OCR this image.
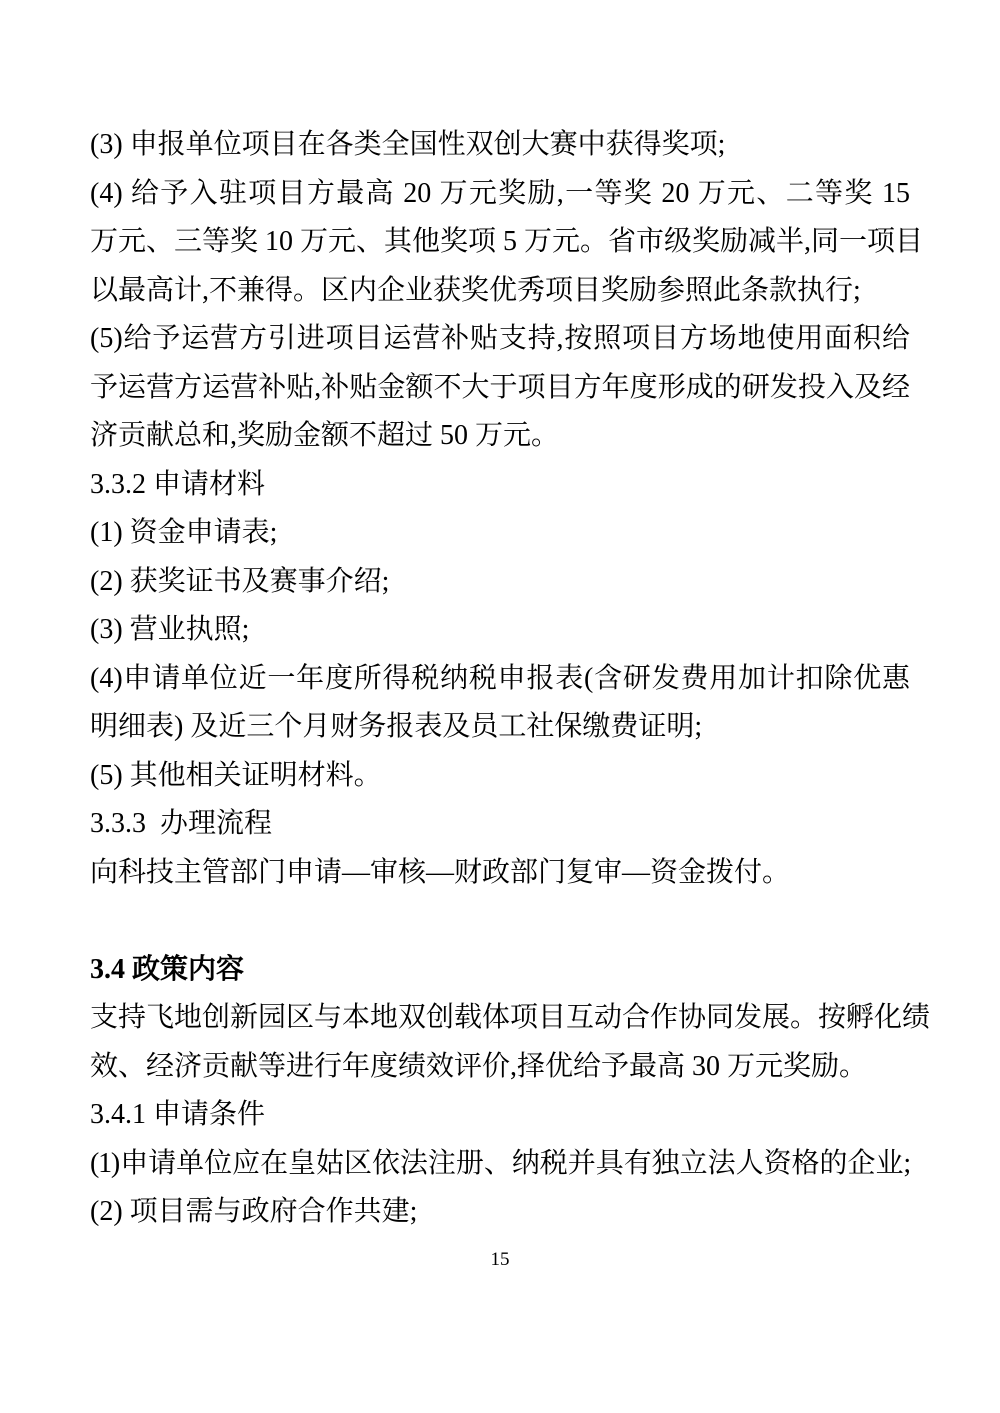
(3) 申报单位项目在各类全国性双创大赛中获得奖项;
(4) 给予入驻项目方最高 20 万元奖励,一等奖 20 万元、二等奖 15
万元、三等奖 10 万元、其他奖项 5 万元。省市级奖励减半,同一项目
以最高计,不兼得。区内企业获奖优秀项目奖励参照此条款执行;
(5)给予运营方引进项目运营补贴支持,按照项目方场地使用面积给
予运营方运营补贴,补贴金额不大于项目方年度形成的研发投入及经
济贡献总和,奖励金额不超过 50 万元。
3.3.2 申请材料
(1) 资金申请表;
(2) 获奖证书及赛事介绍;
(3) 营业执照;
(4)申请单位近一年度所得税纳税申报表(含研发费用加计扣除优惠
明细表) 及近三个月财务报表及员工社保缴费证明;
(5) 其他相关证明材料。
3.3.3  办理流程
向科技主管部门申请—审核—财政部门复审—资金拨付。
3.4 政策内容
支持飞地创新园区与本地双创载体项目互动合作协同发展。按孵化绩
效、经济贡献等进行年度绩效评价,择优给予最高 30 万元奖励。
3.4.1 申请条件
(1)申请单位应在皇姑区依法注册、纳税并具有独立法人资格的企业;
(2) 项目需与政府合作共建;
15
